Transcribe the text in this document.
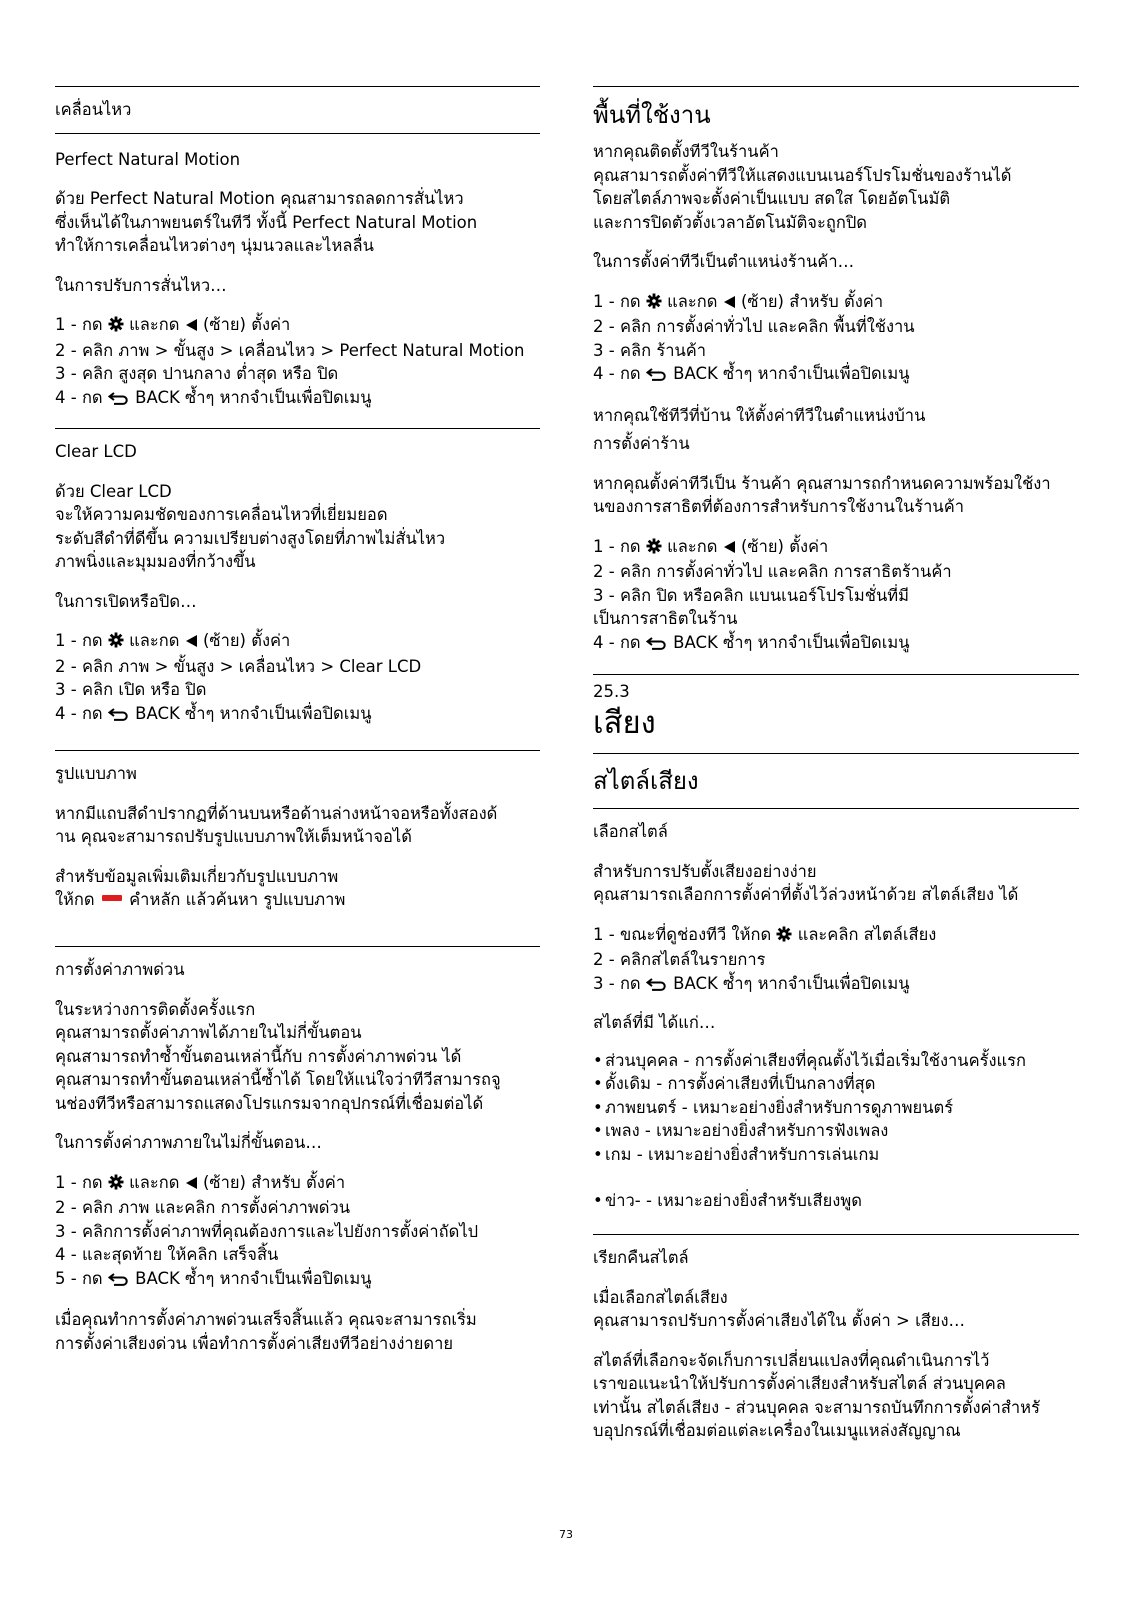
เคลื่อนไหว
Perfect Natural Motion
ด้วย Perfect Natural Motion คุณสามารถลดการสั่นไหว
ซึ่งเห็นได้ในภาพยนตร์ในทีวี ทั้งนี้ Perfect Natural Motion
ทำให้การเคลื่อนไหวต่างๆ นุ่มนวลและไหลลื่น
ในการปรับการสั่นไหว…
1 - กด และกด (ซ้าย) ตั้งค่า
2 - คลิก ภาพ > ขั้นสูง > เคลื่อนไหว > Perfect Natural Motion
3 - คลิก สูงสุด ปานกลาง ต่ำสุด หรือ ปิด
4 - กด BACK ซ้ำๆ หากจำเป็นเพื่อปิดเมนู
Clear LCD
ด้วย Clear LCD
จะให้ความคมชัดของการเคลื่อนไหวที่เยี่ยมยอด
ระดับสีดำที่ดีขึ้น ความเปรียบต่างสูงโดยที่ภาพไม่สั่นไหว
ภาพนิ่งและมุมมองที่กว้างขึ้น
ในการเปิดหรือปิด…
1 - กด และกด (ซ้าย) ตั้งค่า
2 - คลิก ภาพ > ขั้นสูง > เคลื่อนไหว > Clear LCD
3 - คลิก เปิด หรือ ปิด
4 - กด BACK ซ้ำๆ หากจำเป็นเพื่อปิดเมนู
รูปแบบภาพ
หากมีแถบสีดำปรากฏที่ด้านบนหรือด้านล่างหน้าจอหรือทั้งสองด้
าน คุณจะสามารถปรับรูปแบบภาพให้เต็มหน้าจอได้
สำหรับข้อมูลเพิ่มเติมเกี่ยวกับรูปแบบภาพ
ให้กด คำหลัก แล้วค้นหา รูปแบบภาพ
การตั้งค่าภาพด่วน
ในระหว่างการติดตั้งครั้งแรก
คุณสามารถตั้งค่าภาพได้ภายในไม่กี่ขั้นตอน
คุณสามารถทำซ้ำขั้นตอนเหล่านี้กับ การตั้งค่าภาพด่วน ได้
คุณสามารถทำขั้นตอนเหล่านี้ซ้ำได้ โดยให้แน่ใจว่าทีวีสามารถจู
นช่องทีวีหรือสามารถแสดงโปรแกรมจากอุปกรณ์ที่เชื่อมต่อได้
ในการตั้งค่าภาพภายในไม่กี่ขั้นตอน…
1 - กด และกด (ซ้าย) สำหรับ ตั้งค่า
2 - คลิก ภาพ และคลิก การตั้งค่าภาพด่วน
3 - คลิกการตั้งค่าภาพที่คุณต้องการและไปยังการตั้งค่าถัดไป
4 - และสุดท้าย ให้คลิก เสร็จสิ้น
5 - กด BACK ซ้ำๆ หากจำเป็นเพื่อปิดเมนู
เมื่อคุณทำการตั้งค่าภาพด่วนเสร็จสิ้นแล้ว คุณจะสามารถเริ่ม
การตั้งค่าเสียงด่วน เพื่อทำการตั้งค่าเสียงทีวีอย่างง่ายดาย
พื้นที่ใช้งาน
หากคุณติดตั้งทีวีในร้านค้า
คุณสามารถตั้งค่าทีวีให้แสดงแบนเนอร์โปรโมชั่นของร้านได้
โดยสไตล์ภาพจะตั้งค่าเป็นแบบ สดใส โดยอัตโนมัติ
และการปิดตัวตั้งเวลาอัตโนมัติจะถูกปิด
ในการตั้งค่าทีวีเป็นตำแหน่งร้านค้า…
1 - กด และกด (ซ้าย) สำหรับ ตั้งค่า
2 - คลิก การตั้งค่าทั่วไป และคลิก พื้นที่ใช้งาน
3 - คลิก ร้านค้า
4 - กด BACK ซ้ำๆ หากจำเป็นเพื่อปิดเมนู
หากคุณใช้ทีวีที่บ้าน ให้ตั้งค่าทีวีในตำแหน่งบ้าน
การตั้งค่าร้าน
หากคุณตั้งค่าทีวีเป็น ร้านค้า คุณสามารถกำหนดความพร้อมใช้งา
นของการสาธิตที่ต้องการสำหรับการใช้งานในร้านค้า
1 - กด และกด (ซ้าย) ตั้งค่า
2 - คลิก การตั้งค่าทั่วไป และคลิก การสาธิตร้านค้า
3 - คลิก ปิด หรือคลิก แบนเนอร์โปรโมชั่นที่มี
เป็นการสาธิตในร้าน
4 - กด BACK ซ้ำๆ หากจำเป็นเพื่อปิดเมนู
25.3
เสียง
สไตล์เสียง
เลือกสไตล์
สำหรับการปรับตั้งเสียงอย่างง่าย
คุณสามารถเลือกการตั้งค่าที่ตั้งไว้ล่วงหน้าด้วย สไตล์เสียง ได้
1 - ขณะที่ดูช่องทีวี ให้กด และคลิก สไตล์เสียง
2 - คลิกสไตล์ในรายการ
3 - กด BACK ซ้ำๆ หากจำเป็นเพื่อปิดเมนู
สไตล์ที่มี ได้แก่…
• ส่วนบุคคล - การตั้งค่าเสียงที่คุณตั้งไว้เมื่อเริ่มใช้งานครั้งแรก
• ดั้งเดิม - การตั้งค่าเสียงที่เป็นกลางที่สุด
• ภาพยนตร์ - เหมาะอย่างยิ่งสำหรับการดูภาพยนตร์
• เพลง - เหมาะอย่างยิ่งสำหรับการฟังเพลง
• เกม - เหมาะอย่างยิ่งสำหรับการเล่นเกม
• ข่าว- - เหมาะอย่างยิ่งสำหรับเสียงพูด
เรียกคืนสไตล์
เมื่อเลือกสไตล์เสียง
คุณสามารถปรับการตั้งค่าเสียงได้ใน ตั้งค่า > เสียง…
สไตล์ที่เลือกจะจัดเก็บการเปลี่ยนแปลงที่คุณดำเนินการไว้
เราขอแนะนำให้ปรับการตั้งค่าเสียงสำหรับสไตล์ ส่วนบุคคล
เท่านั้น สไตล์เสียง - ส่วนบุคคล จะสามารถบันทึกการตั้งค่าสำหรั
บอุปกรณ์ที่เชื่อมต่อแต่ละเครื่องในเมนูแหล่งสัญญาณ
73
